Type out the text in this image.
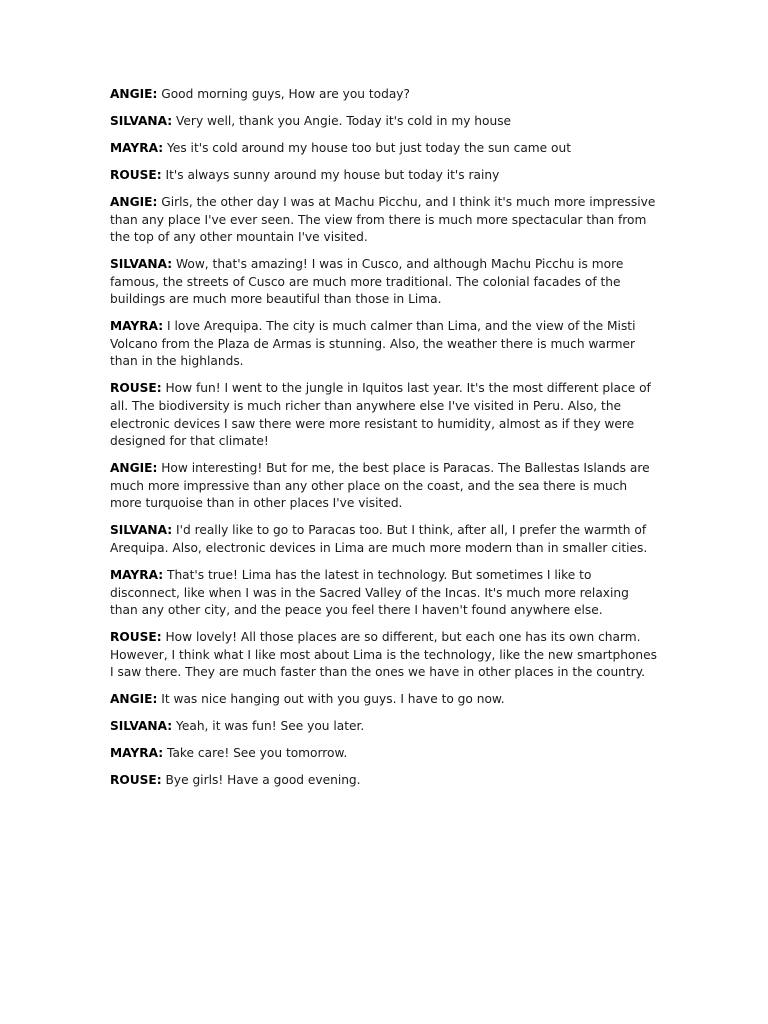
ANGIE: Good morning guys, How are you today?

SILVANA: Very well, thank you Angie. Today it's cold in my house

MAYRA: Yes it's cold around my house too but just today the sun came out

ROUSE: It's always sunny around my house but today it's rainy

ANGIE: Girls, the other day I was at Machu Picchu, and I think it's much more impressive than any place I've ever seen. The view from there is much more spectacular than from the top of any other mountain I've visited.

SILVANA: Wow, that's amazing! I was in Cusco, and although Machu Picchu is more famous, the streets of Cusco are much more traditional. The colonial facades of the buildings are much more beautiful than those in Lima.

MAYRA: I love Arequipa. The city is much calmer than Lima, and the view of the Misti Volcano from the Plaza de Armas is stunning. Also, the weather there is much warmer than in the highlands.

ROUSE: How fun! I went to the jungle in Iquitos last year. It's the most different place of all. The biodiversity is much richer than anywhere else I've visited in Peru. Also, the electronic devices I saw there were more resistant to humidity, almost as if they were designed for that climate!

ANGIE: How interesting! But for me, the best place is Paracas. The Ballestas Islands are much more impressive than any other place on the coast, and the sea there is much more turquoise than in other places I've visited.

SILVANA: I'd really like to go to Paracas too. But I think, after all, I prefer the warmth of Arequipa. Also, electronic devices in Lima are much more modern than in smaller cities.

MAYRA: That's true! Lima has the latest in technology. But sometimes I like to disconnect, like when I was in the Sacred Valley of the Incas. It's much more relaxing than any other city, and the peace you feel there I haven't found anywhere else.

ROUSE: How lovely! All those places are so different, but each one has its own charm. However, I think what I like most about Lima is the technology, like the new smartphones I saw there. They are much faster than the ones we have in other places in the country.

ANGIE: It was nice hanging out with you guys. I have to go now.

SILVANA: Yeah, it was fun! See you later.

MAYRA: Take care! See you tomorrow.

ROUSE: Bye girls! Have a good evening.
